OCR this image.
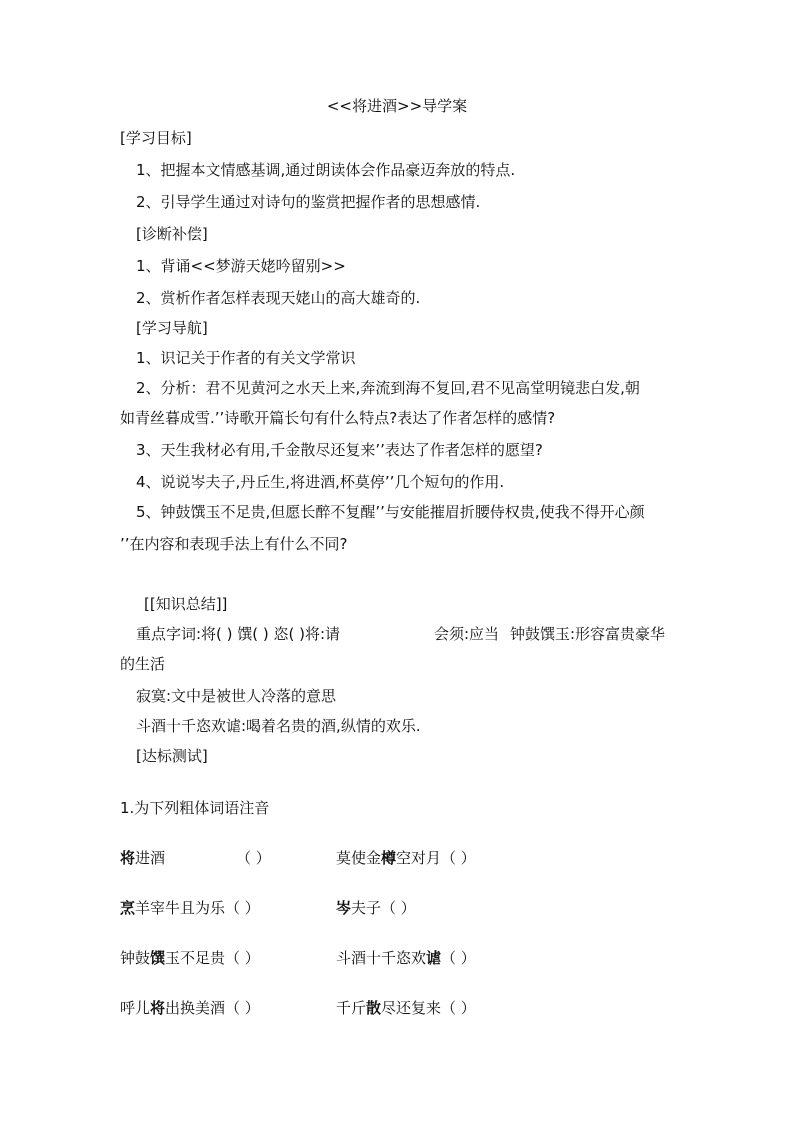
<<将进酒>>导学案
[学习目标]
1、把握本文情感基调,通过朗读体会作品豪迈奔放的特点.
2、引导学生通过对诗句的鉴赏把握作者的思想感情.
[诊断补偿]
1、背诵<<梦游天姥吟留别>>
2、赏析作者怎样表现天姥山的高大雄奇的.
[学习导航]
1、识记关于作者的有关文学常识
2、分析：君不见黄河之水天上来,奔流到海不复回,君不见高堂明镜悲白发,朝
如青丝暮成雪.’’诗歌开篇长句有什么特点?表达了作者怎样的感情?
3、天生我材必有用,千金散尽还复来’’表达了作者怎样的愿望?
4、说说岑夫子,丹丘生,将进酒,杯莫停’’几个短句的作用.
5、钟鼓馔玉不足贵,但愿长醉不复醒’’与安能摧眉折腰侍权贵,使我不得开心颜
’’在内容和表现手法上有什么不同?
[[知识总结]]
重点字词:将( ) 馔( ) 恣( )将:请	会须:应当 钟鼓馔玉:形容富贵豪华
的生活
寂寞:文中是被世人冷落的意思
斗酒十千恣欢谑:喝着名贵的酒,纵情的欢乐.
[达标测试]
1.为下列粗体词语注音
将进酒	（ ）	莫使金樽空对月（ ）
烹羊宰牛且为乐（ ）	岑夫子（ ）
钟鼓馔玉不足贵（ ）	斗酒十千恣欢谑（ ）
呼儿将出换美酒（ ）	千斤散尽还复来（ ）
